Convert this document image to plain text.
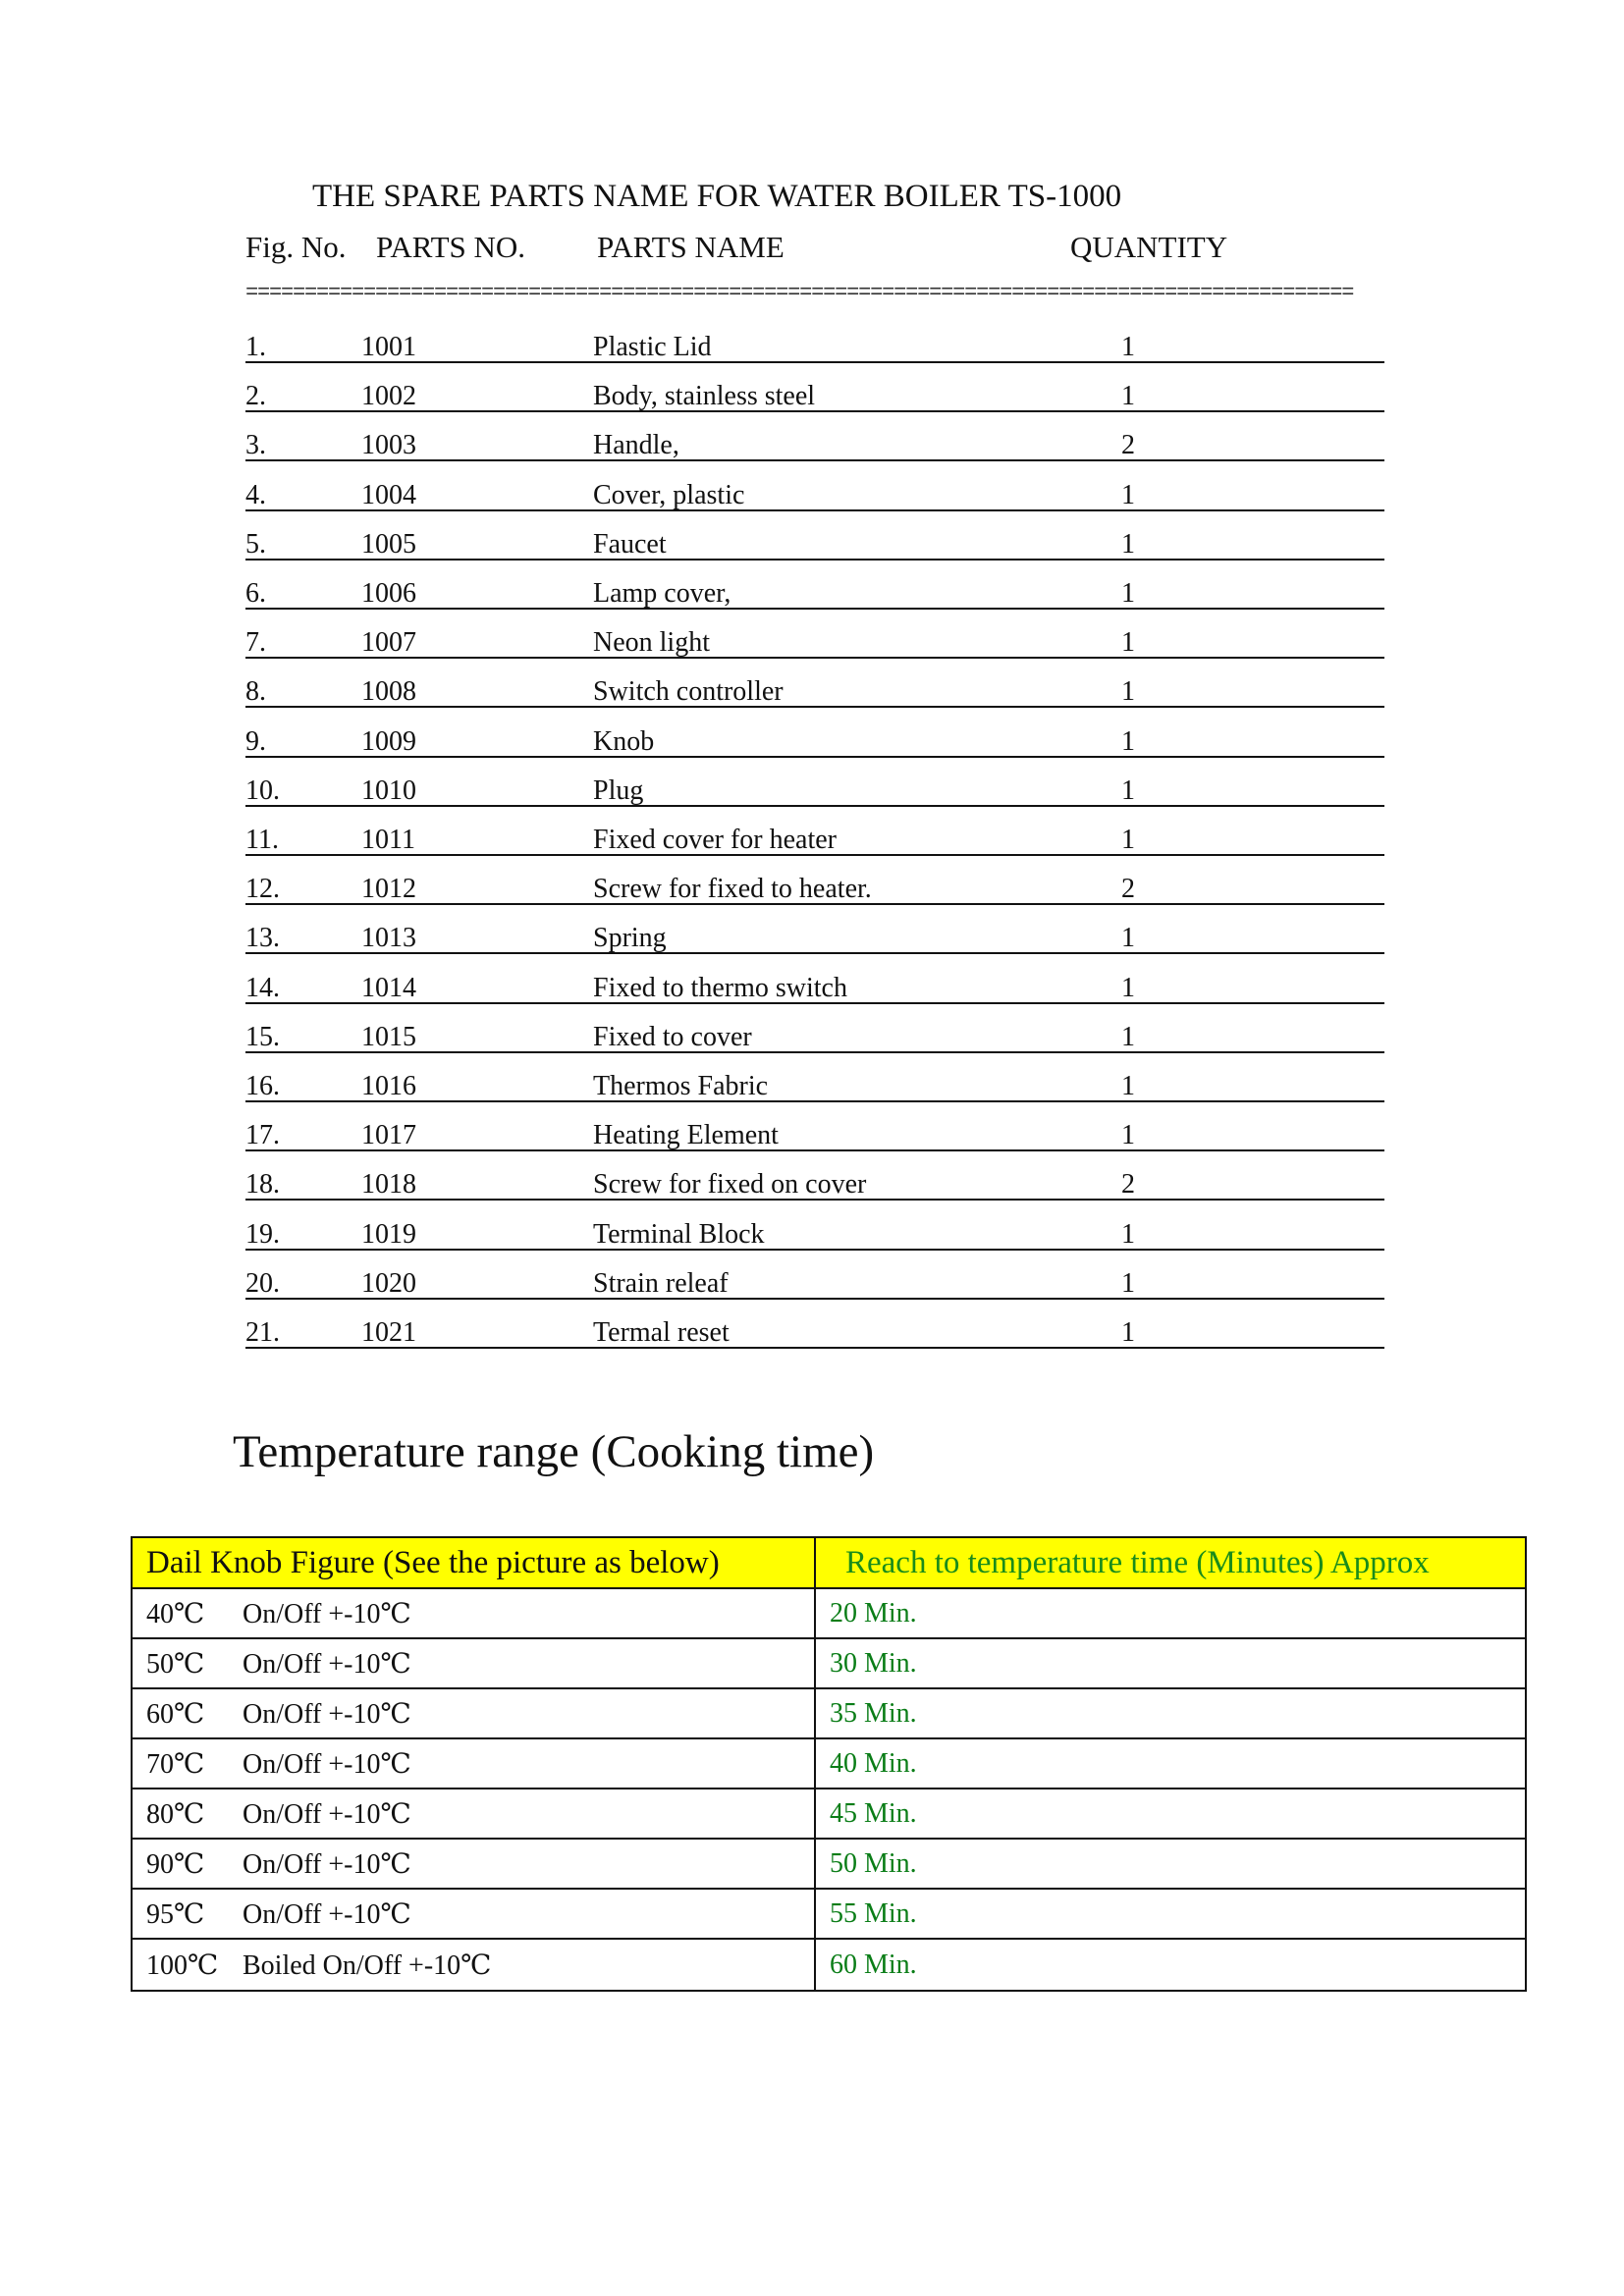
THE SPARE PARTS NAME FOR WATER BOILER TS-1000
Fig. No. PARTS NO. PARTS NAME	QUANTITY
==============================================================================================
1.	1001	Plastic Lid	1
2.	1002	Body, stainless steel	1
3.	1003	Handle,	2
4.	1004	Cover, plastic	1
5.	1005	Faucet	1
6.	1006	Lamp cover,	1
7.	1007	Neon light	1
8.	1008	Switch controller	1
9.	1009	Knob	1
10.	1010	Plug	1
11.	1011	Fixed cover for heater	1
12.	1012	Screw for fixed to heater.	2
13.	1013	Spring	1
14.	1014	Fixed to thermo switch	1
15.	1015	Fixed to cover	1
16.	1016	Thermos Fabric	1
17.	1017	Heating Element	1
18.	1018	Screw for fixed on cover	2
19.	1019	Terminal Block	1
20.	1020	Strain releaf	1
21.	1021	Termal reset	1
Temperature range (Cooking time)
Dail Knob Figure (See the picture as below)	Reach to temperature time (Minutes) Approx
40℃ On/Off +-10℃	20 Min.
50℃ On/Off +-10℃	30 Min.
60℃ On/Off +-10℃	35 Min.
70℃ On/Off +-10℃	40 Min.
80℃ On/Off +-10℃	45 Min.
90℃ On/Off +-10℃	50 Min.
95℃ On/Off +-10℃	55 Min.
100℃ Boiled On/Off +-10℃	60 Min.
